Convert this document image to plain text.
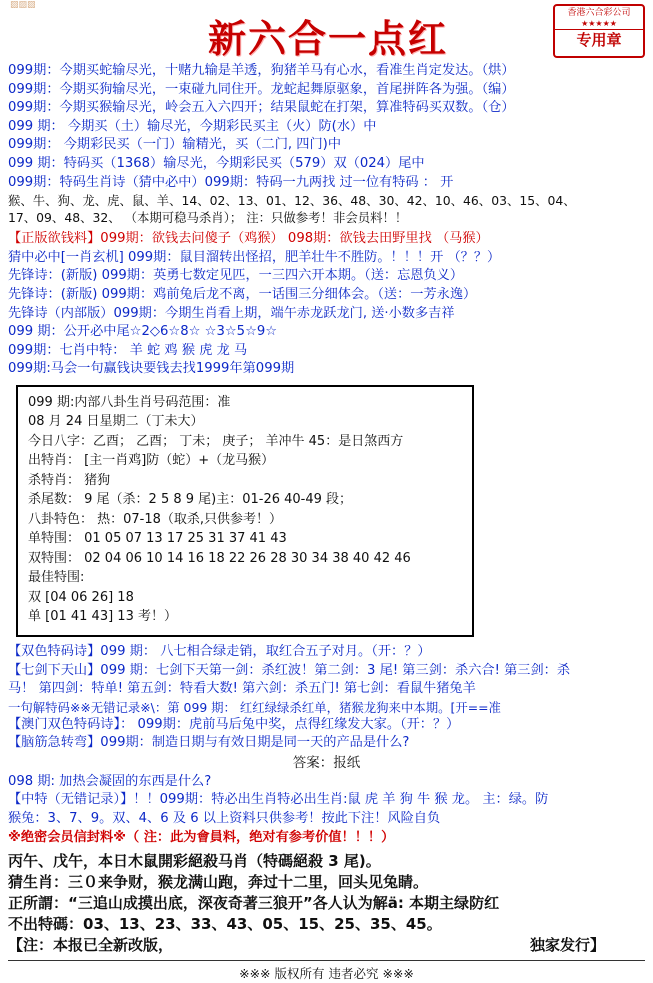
▨▨▨
新六合一点红
香港六合彩公司
★★★★★
专用章
099期：今期买蛇输尽光，十赌九输是羊透，狗猪羊马有心水，看准生肖定发达。（烘）
099期：今期买狗输尽光，一束碰九同住开。龙蛇起舞原驱象，首尾拼阵各为强。（编）
099期：今期买猴输尽光，岭会五入六四开；结果鼠蛇在打架，算准特码买双数。（仓）
099 期： 今期买（土）输尽光，今期彩民买主（火）防(水）中
099期： 今期彩民买（一门）输精光，买（二门, 四门)中
099 期：特码买（1368）输尽光，今期彩民买（579）双（024）尾中
099期：特码生肖诗（猜中必中）099期：特码一九两找 过一位有特码 ： 开
猴、牛、狗、龙、虎、鼠、羊、14、02、13、01、12、36、48、30、42、10、46、03、15、04、
17、09、48、32、 （本期可稳马杀肖）； 注：只做参考！非会员料！！
【正版欲钱料】099期：欲钱去问傻子（鸡猴） 098期：欲钱去田野里找 （马猴）
猜中必中[一肖玄机] 099期：鼠目溜转出怪招，肥羊壮牛不胜防。！！！开 （？？）
先锋诗：(新版) 099期：英勇七数定见匹，一三四六开本期。（送：忘恩负义）
先锋诗：(新版) 099期：鸡前兔后龙不离，一话围三分细体会。（送：一芳永逸）
先锋诗（内部版）099期：今期生肖看上期，端午赤龙跃龙门, 送·小数多吉祥
099 期：公开必中尾☆2◇6☆8☆ ☆3☆5☆9☆
099期：七肖中特： 羊 蛇 鸡 猴 虎 龙 马
099期:马会一句赢钱诀要钱去找1999年第099期
099 期:内部八卦生肖号码范围：准
08 月 24 日星期二（丁未大）
今日八字：乙酉； 乙酉； 丁未； 庚子； 羊冲牛 45：是日煞西方
出特肖： [主一肖鸡]防（蛇）+（龙马猴）
杀特肖： 猪狗
杀尾数： 9 尾（杀：2 5 8 9 尾)主：01-26 40-49 段；
八卦特色： 热：07-18（取杀,只供参考！）
单特围： 01 05 07 13 17 25 31 37 41 43
双特围： 02 04 06 10 14 16 18 22 26 28 30 34 38 40 42 46
最佳特围:
双 [04 06 26] 18
单 [01 41 43] 13 考！）
【双色特码诗】099 期： 八七相合绿走销，取红合五子对月。（开：？）
【七剑下天山】099 期：七剑下天第一剑：杀红波！第二剑：3 尾! 第三剑：杀六合! 第三剑：杀
马！ 第四剑：特单! 第五剑：特看大数! 第六剑：杀五门! 第七剑：看鼠牛猪兔羊
一句解特码※※无错记录※\：第 099 期： 红红绿绿杀红单，猪猴龙狗来中本期。[开==准
【澳门双色特码诗】： 099期：虎前马后兔中奖，点得红缘发大家。（开：？）
【脑筋急转弯】099期：制造日期与有效日期是同一天的产品是什么?
答案：报纸
098 期: 加热会凝固的东西是什么?
【中特（无错记录）】！！099期：特必出生肖特必出生肖:鼠 虎 羊 狗 牛 猴 龙。 主：绿。防
猴兔：3、7、9。双、4、6 及 6 以上资料只供参考！按此下注！风险自负
※绝密会员信封料※（ 注：此为會員料，绝对有参考价值！！！）
丙午、戊午，本日木鼠開彩絕殺马肖（特碼絕殺 3 尾)。
猜生肖：三０来争财，猴龙满山跑，奔过十二里，回头见兔睛。
正所謂：“三追山成摸出底，深夜奇著三狼开”各人认为解ä: 本期主绿防红
不出特碼：03、13、23、33、43、05、15、25、35、45。
【注：本报已全新改版，	独家发行】
※※※ 版权所有 违者必究 ※※※
